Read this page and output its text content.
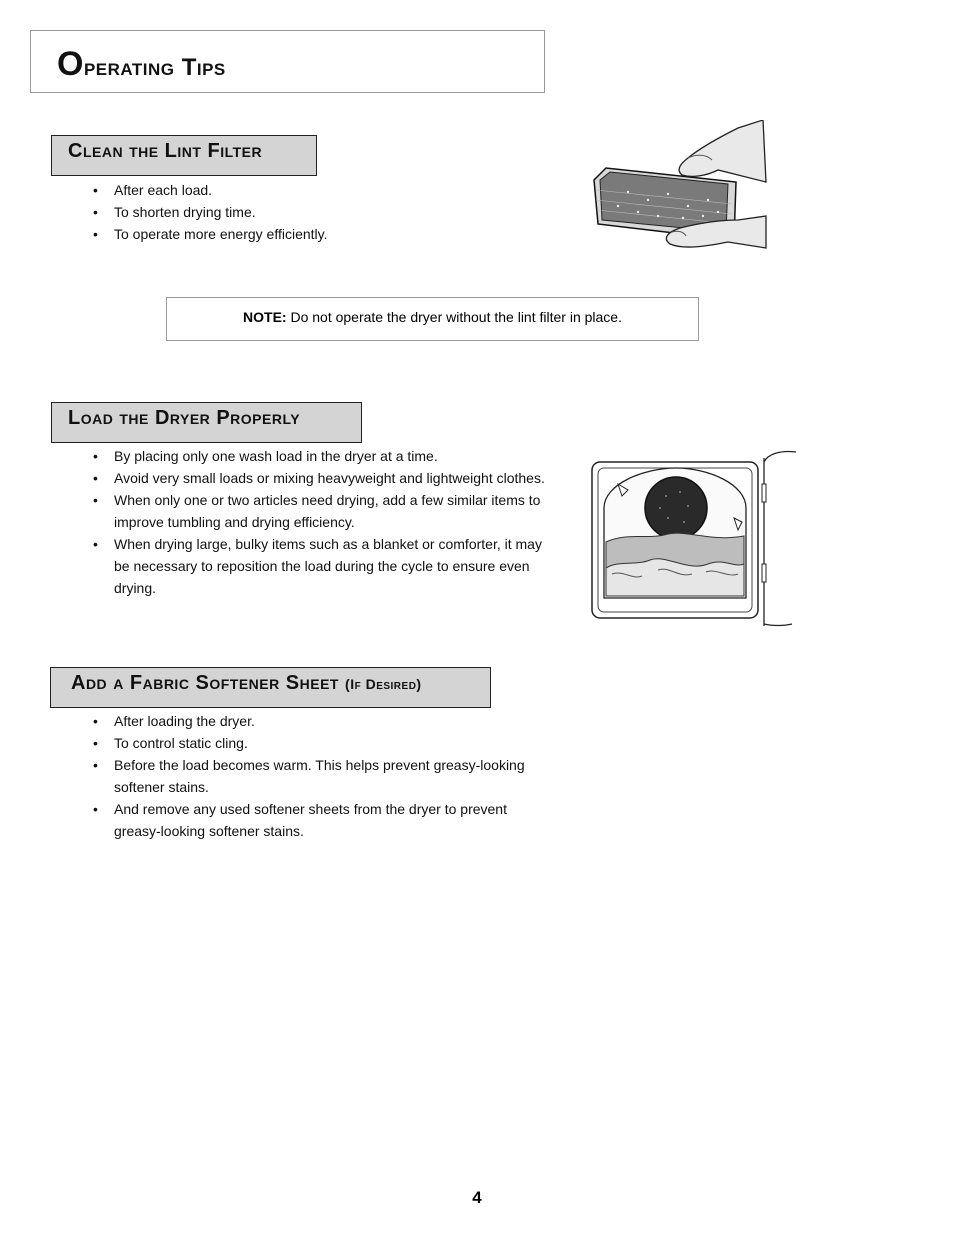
Operating Tips
Clean the Lint Filter
• After each load.
• To shorten drying time.
• To operate more energy efficiently.
NOTE: Do not operate the dryer without the lint filter in place.
Load the Dryer Properly
• By placing only one wash load in the dryer at a time.
• Avoid very small loads or mixing heavyweight and lightweight clothes.
• When only one or two articles need drying, add a few similar items to improve tumbling and drying efficiency.
• When drying large, bulky items such as a blanket or comforter, it may be necessary to reposition the load during the cycle to ensure even drying.
Add a Fabric Softener Sheet (If Desired)
• After loading the dryer.
• To control static cling.
• Before the load becomes warm. This helps prevent greasy-looking softener stains.
• And remove any used softener sheets from the dryer to prevent greasy-looking softener stains.
4
